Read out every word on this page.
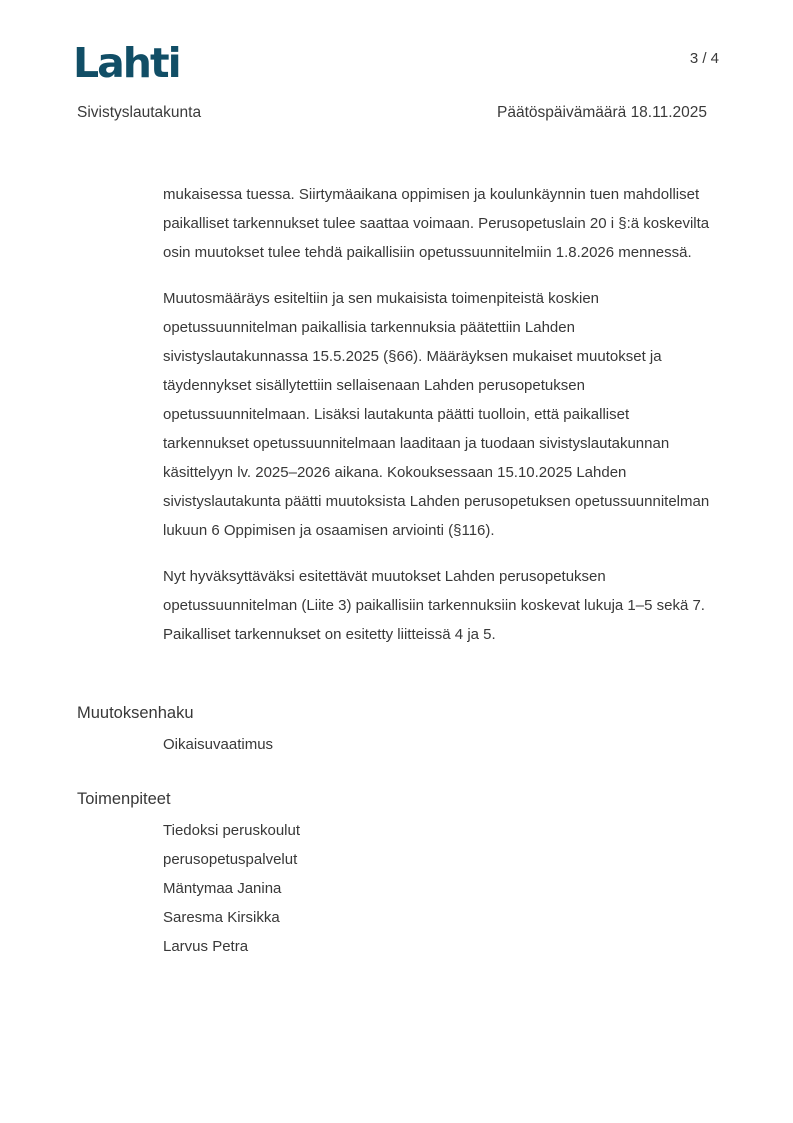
Lahti	3 / 4
Sivistyslautakunta	Päätöspäivämäärä 18.11.2025

mukaisessa tuessa. Siirtymäaikana oppimisen ja koulunkäynnin tuen mahdolliset paikalliset tarkennukset tulee saattaa voimaan. Perusopetuslain 20 i §:ä koskevilta osin muutokset tulee tehdä paikallisiin opetussuunnitelmiin 1.8.2026 mennessä.

Muutosmääräys esiteltiin ja sen mukaisista toimenpiteistä koskien opetussuunnitelman paikallisia tarkennuksia päätettiin Lahden sivistyslautakunnassa 15.5.2025 (§66). Määräyksen mukaiset muutokset ja täydennykset sisällytettiin sellaisenaan Lahden perusopetuksen opetussuunnitelmaan. Lisäksi lautakunta päätti tuolloin, että paikalliset tarkennukset opetussuunnitelmaan laaditaan ja tuodaan sivistyslautakunnan käsittelyyn lv. 2025–2026 aikana. Kokouksessaan 15.10.2025 Lahden sivistyslautakunta päätti muutoksista Lahden perusopetuksen opetussuunnitelman lukuun 6 Oppimisen ja osaamisen arviointi (§116).

Nyt hyväksyttäväksi esitettävät muutokset Lahden perusopetuksen opetussuunnitelman (Liite 3) paikallisiin tarkennuksiin koskevat lukuja 1–5 sekä 7. Paikalliset tarkennukset on esitetty liitteissä 4 ja 5.

Muutoksenhaku
Oikaisuvaatimus
Toimenpiteet
Tiedoksi peruskoulut
perusopetuspalvelut
Mäntymaa Janina
Saresma Kirsikka
Larvus Petra
